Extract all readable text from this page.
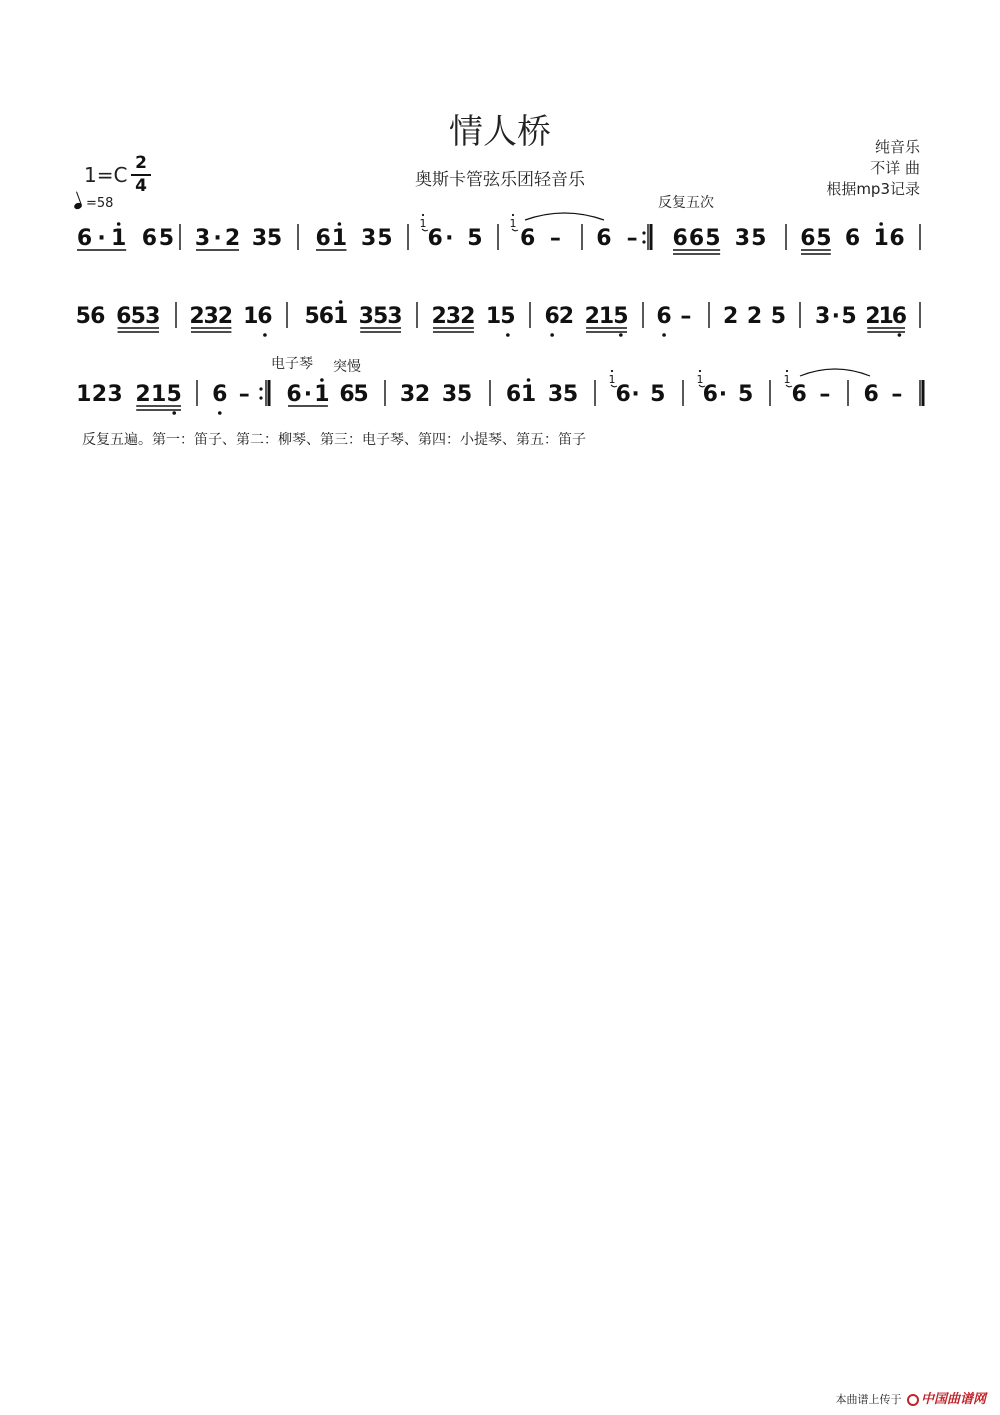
情人桥
奥斯卡管弦乐团轻音乐
纯音乐
不详 曲
根据mp3记录
1=C 2
4
=58	反复五次
电子琴 突慢
6 · 1 6 5 3 · 2 3 5 6 1 3 5 6 · 5 6 – 6 – 6 6 5 3 5 6 5 6 1 6
1	1
5 6 6 5 3 2
3
2 1
6 5
6
1 3
5
3 2
3
2 1
5 6
2 2
1
5 6 – 2 2 5 3 · 5 2
1
6
1 2 3 2 1 5 6 – 6 · 1 6
5 3 2 3 5 6 1 3 5 6 · 5 6 · 5 6 – 6 –
1	1	1
反复五遍。第一：笛子、第二：柳琴、第三：电子琴、第四：小提琴、第五：笛子
本曲谱上传于 中国曲谱网
